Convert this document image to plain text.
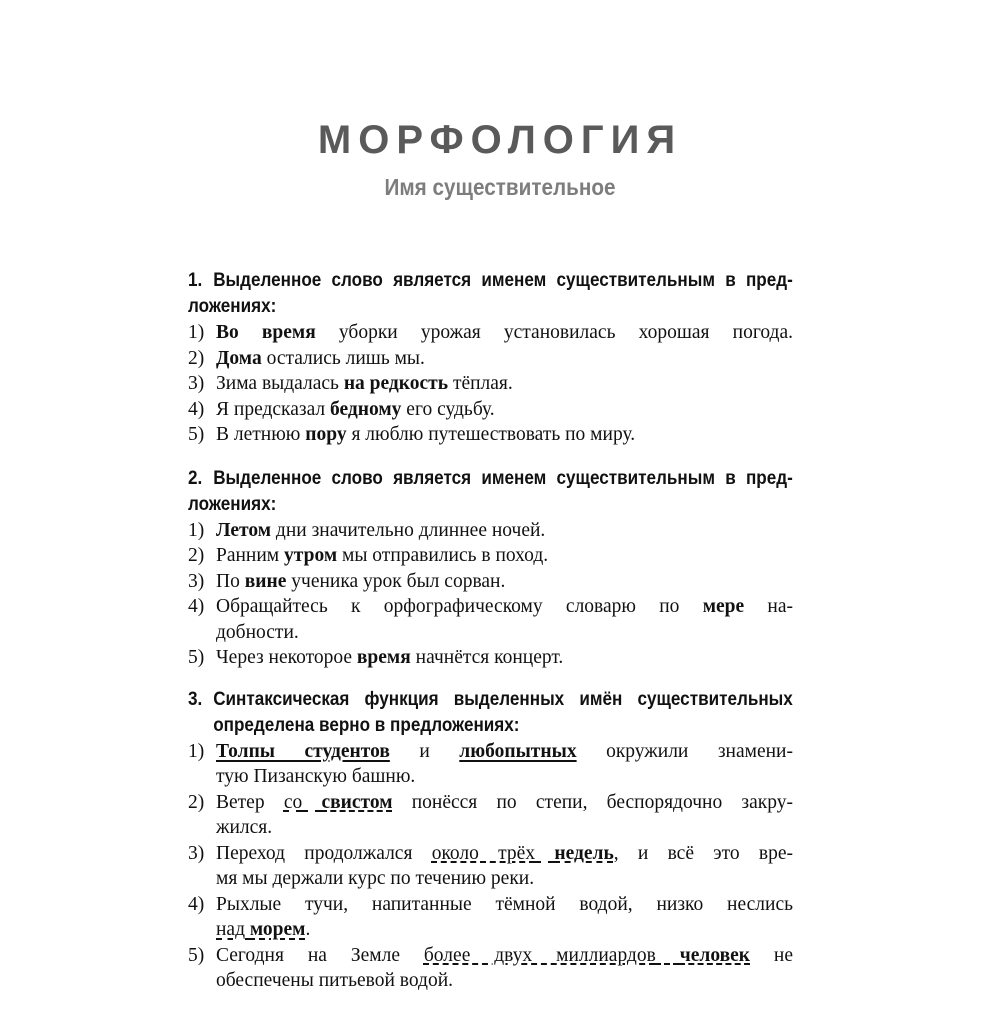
МОРФОЛОГИЯ
Имя существительное

1. Выделенное слово является именем существительным в пред-

ложениях:

1) Во время уборки урожая установилась хорошая погода.

2) Дома остались лишь мы.

3) Зима выдалась на редкость тёплая.

4) Я предсказал бедному его судьбу.

5) В летнюю пору я люблю путешествовать по миру.

2. Выделенное слово является именем существительным в пред-

ложениях:

1) Летом дни значительно длиннее ночей.

2) Ранним утром мы отправились в поход.

3) По вине ученика урок был сорван.

4) Обращайтесь к орфографическому словарю по мере на-

добности.

5) Через некоторое время начнётся концерт.

3. Синтаксическая функция выделенных имён существительных

определена верно в предложениях:

1) Толпы студентов и любопытных окружили знамени-

тую Пизанскую башню.

2) Ветер со свистом понёсся по степи, беспорядочно закру-

жился.

3) Переход продолжался около трёх недель, и всё это вре-

мя мы держали курс по течению реки.

4) Рыхлые тучи, напитанные тёмной водой, низко неслись

над морем.

5) Сегодня на Земле более двух миллиардов человек не

обеспечены питьевой водой.
